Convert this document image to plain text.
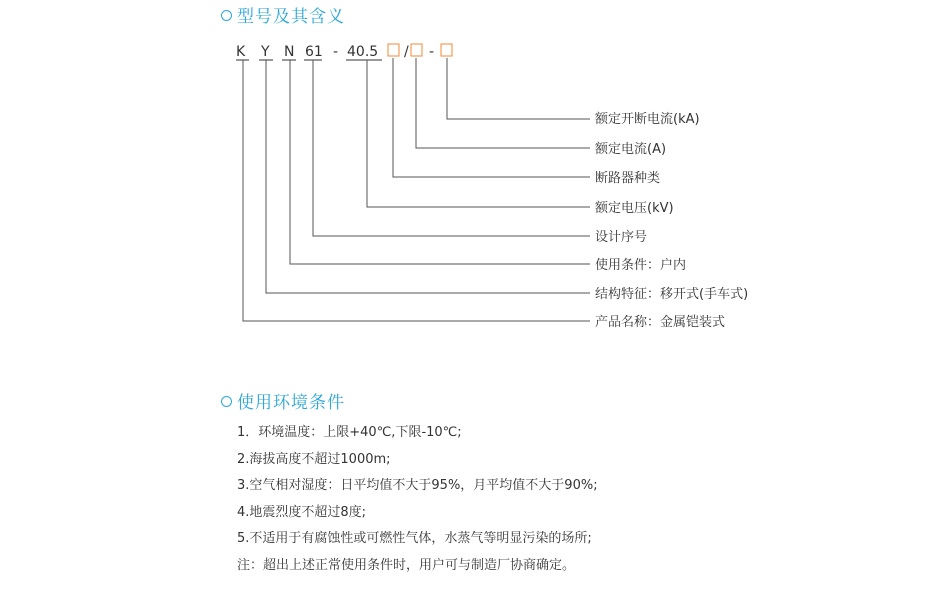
型号及其含义
K Y N 61 - 40.5 / -
额定开断电流(kA)
额定电流(A)
断路器种类
额定电压(kV)
设计序号
使用条件：户内
结构特征：移开式(手车式)
产品名称：金属铠装式
使用环境条件
1．环境温度：上限+40℃,下限-10℃;
2.海拔高度不超过1000m;
3.空气相对湿度：日平均值不大于95%，月平均值不大于90%;
4.地震烈度不超过8度;
5.不适用于有腐蚀性或可燃性气体，水蒸气等明显污染的场所;
注：超出上述正常使用条件时，用户可与制造厂协商确定。
